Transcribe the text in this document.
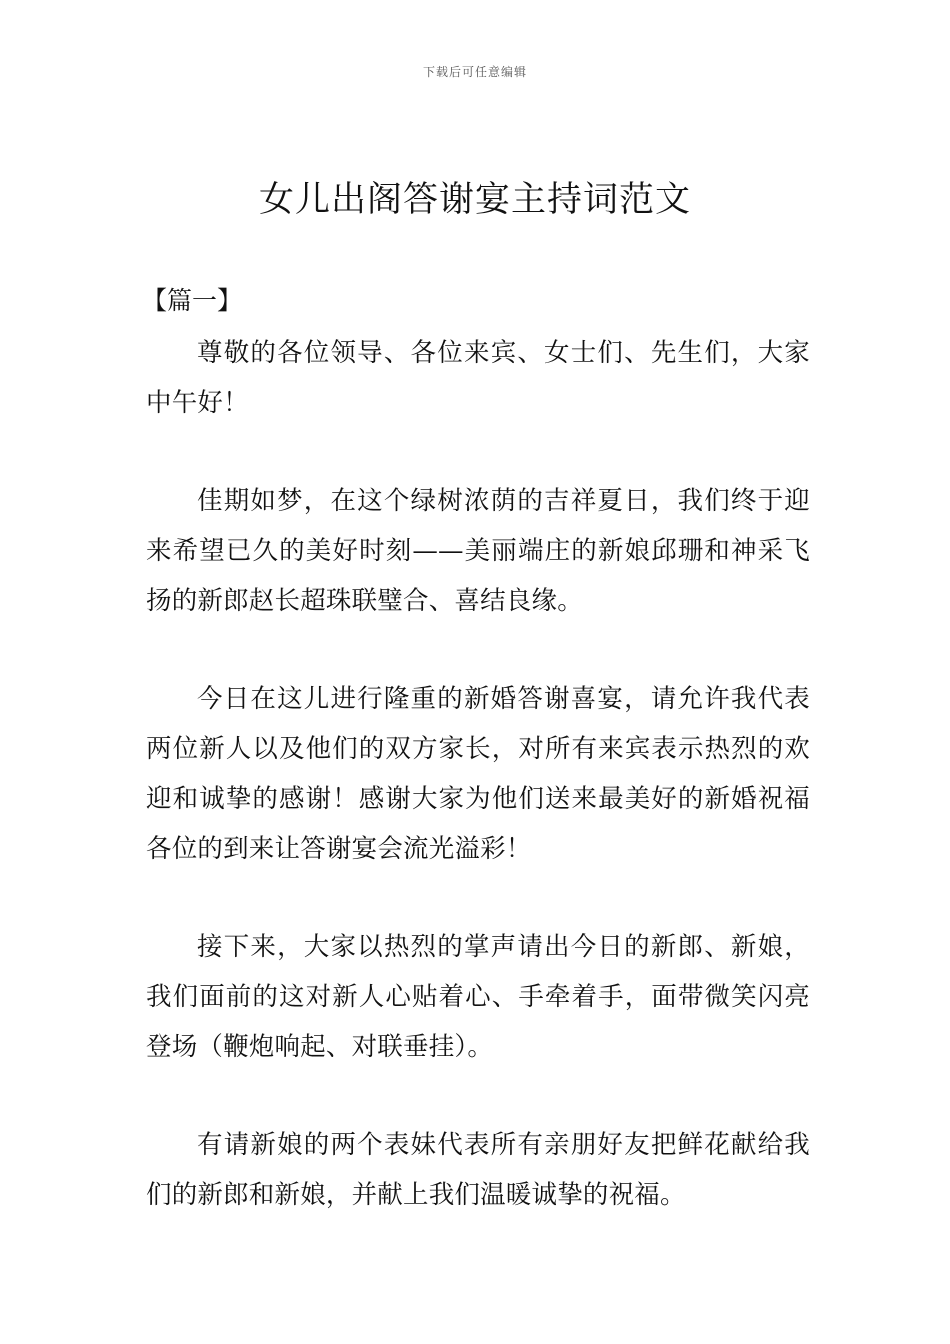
下载后可任意编辑
女儿出阁答谢宴主持词范文
【篇一】

尊敬的各位领导、各位来宾、女士们、先生们，大家中午好！

佳期如梦，在这个绿树浓荫的吉祥夏日，我们终于迎来希望已久的美好时刻——美丽端庄的新娘邱珊和神采飞扬的新郎赵长超珠联璧合、喜结良缘。

今日在这儿进行隆重的新婚答谢喜宴，请允许我代表两位新人以及他们的双方家长，对所有来宾表示热烈的欢迎和诚挚的感谢！感谢大家为他们送来最美好的新婚祝福各位的到来让答谢宴会流光溢彩！

接下来，大家以热烈的掌声请出今日的新郎、新娘，我们面前的这对新人心贴着心、手牵着手，面带微笑闪亮登场（鞭炮响起、对联垂挂）。

有请新娘的两个表妹代表所有亲朋好友把鲜花献给我们的新郎和新娘，并献上我们温暖诚挚的祝福。
